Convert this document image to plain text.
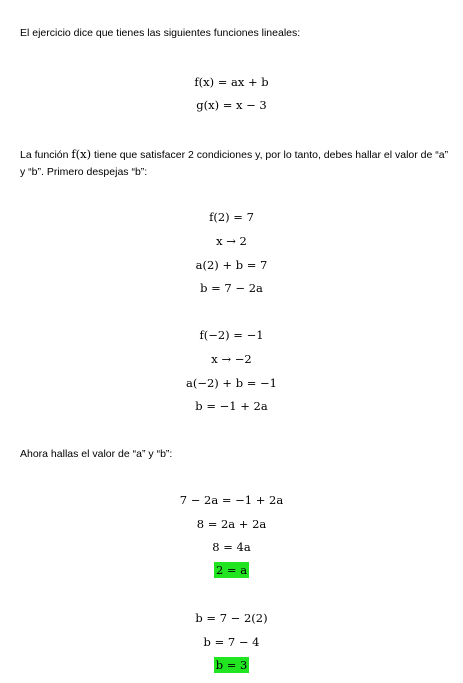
El ejercicio dice que tienes las siguientes funciones lineales:

f(x) = ax + b
g(x) = x − 3

La función f(x) tiene que satisfacer 2 condiciones y, por lo tanto, debes hallar el valor de “a” y “b”. Primero despejas “b”:

f(2) = 7
x → 2
a(2) + b = 7
b = 7 − 2a
f(−2) = −1
x → −2
a(−2) + b = −1
b = −1 + 2a

Ahora hallas el valor de “a” y “b”:

7 − 2a = −1 + 2a
8 = 2a + 2a
8 = 4a
2 = a
b = 7 − 2(2)
b = 7 − 4
b = 3
